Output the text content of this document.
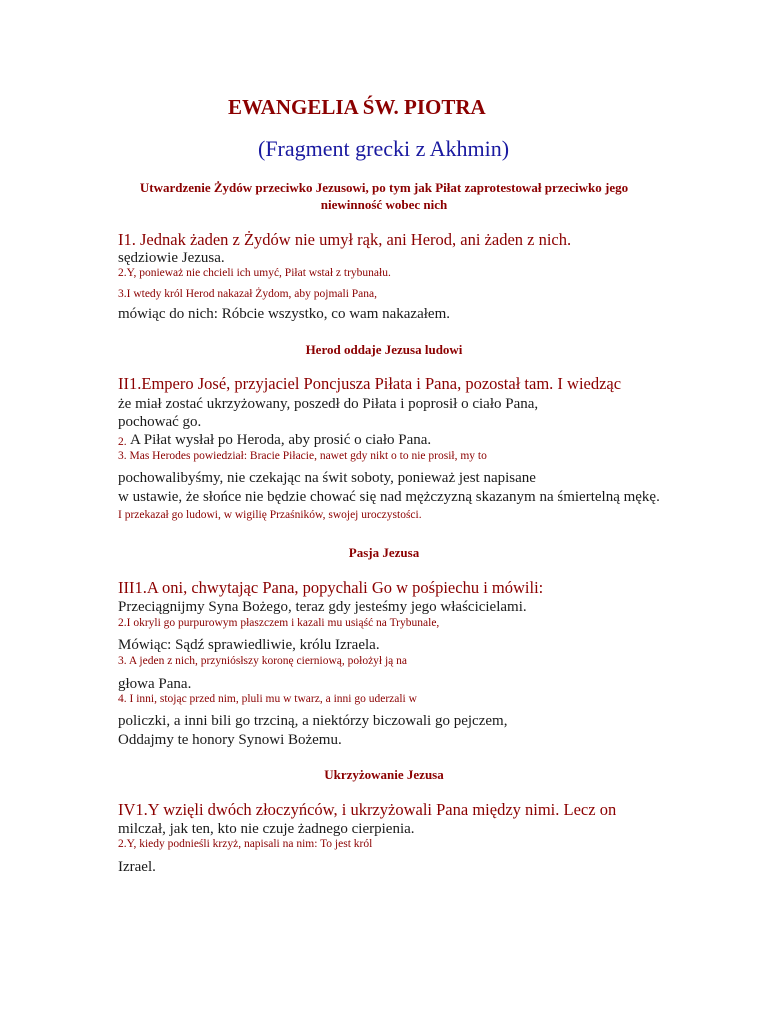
EWANGELIA ŚW. PIOTRA
(Fragment grecki z Akhmin)
Utwardzenie Żydów przeciwko Jezusowi, po tym jak Piłat zaprotestował przeciwko jego
niewinność wobec nich
I1. Jednak żaden z Żydów nie umył rąk, ani Herod, ani żaden z nich.
sędziowie Jezusa.
2.Y, ponieważ nie chcieli ich umyć, Piłat wstał z trybunału.
3.I wtedy król Herod nakazał Żydom, aby pojmali Pana,
mówiąc do nich: Róbcie wszystko, co wam nakazałem.
Herod oddaje Jezusa ludowi
II1.Empero José, przyjaciel Poncjusza Piłata i Pana, pozostał tam. I wiedząc
że miał zostać ukrzyżowany, poszedł do Piłata i poprosił o ciało Pana,
pochować go.
2. A Piłat wysłał po Heroda, aby prosić o ciało Pana.
3. Mas Herodes powiedział: Bracie Piłacie, nawet gdy nikt o to nie prosił, my to
pochowalibyśmy, nie czekając na świt soboty, ponieważ jest napisane
w ustawie, że słońce nie będzie chować się nad mężczyzną skazanym na śmiertelną mękę.
I przekazał go ludowi, w wigilię Przaśników, swojej uroczystości.
Pasja Jezusa
III1.A oni, chwytając Pana, popychali Go w pośpiechu i mówili:
Przeciągnijmy Syna Bożego, teraz gdy jesteśmy jego właścicielami.
2.I okryli go purpurowym płaszczem i kazali mu usiąść na Trybunale,
Mówiąc: Sądź sprawiedliwie, królu Izraela.
3. A jeden z nich, przyniósłszy koronę cierniową, położył ją na
głowa Pana.
4. I inni, stojąc przed nim, pluli mu w twarz, a inni go uderzali w
policzki, a inni bili go trzciną, a niektórzy biczowali go pejczem,
Oddajmy te honory Synowi Bożemu.
Ukrzyżowanie Jezusa
IV1.Y wzięli dwóch złoczyńców, i ukrzyżowali Pana między nimi. Lecz on
milczał, jak ten, kto nie czuje żadnego cierpienia.
2.Y, kiedy podnieśli krzyż, napisali na nim: To jest król
Izrael.
